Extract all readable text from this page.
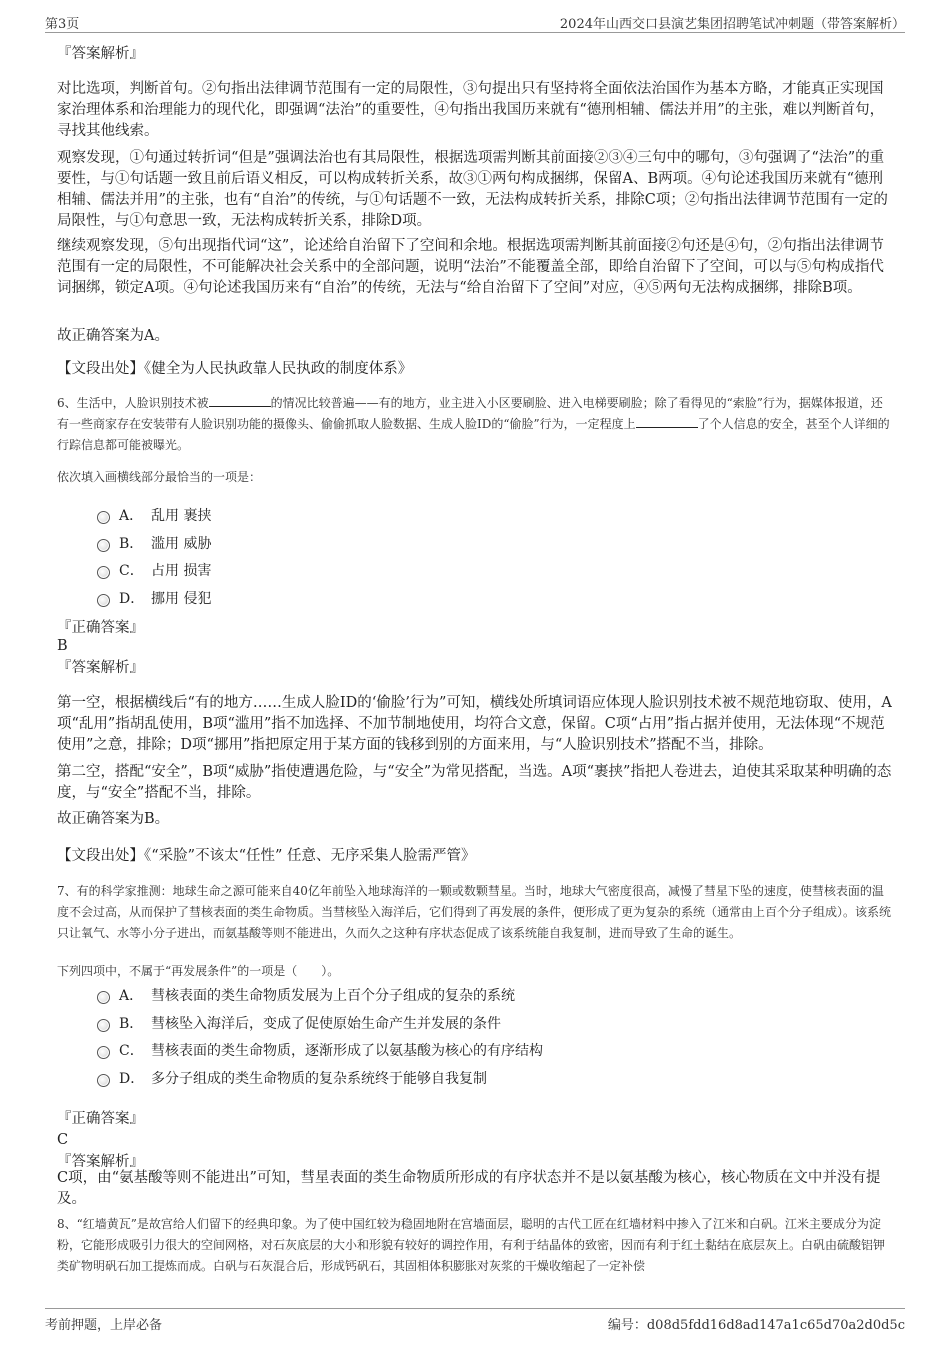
第3页	2024年山西交口县演艺集团招聘笔试冲刺题（带答案解析）
『答案解析』
对比选项，判断首句。②句指出法律调节范围有一定的局限性，③句提出只有坚持将全面依法治国作为基本方略，才能真正实现国家治理体系和治理能力的现代化，即强调“法治”的重要性，④句指出我国历来就有“德刑相辅、儒法并用”的主张，难以判断首句，寻找其他线索。
观察发现，①句通过转折词“但是”强调法治也有其局限性，根据选项需判断其前面接②③④三句中的哪句，③句强调了“法治”的重要性，与①句话题一致且前后语义相反，可以构成转折关系，故③①两句构成捆绑，保留A、B两项。④句论述我国历来就有“德刑相辅、儒法并用”的主张，也有“自治”的传统，与①句话题不一致，无法构成转折关系，排除C项；②句指出法律调节范围有一定的局限性，与①句意思一致，无法构成转折关系，排除D项。
继续观察发现，⑤句出现指代词“这”，论述给自治留下了空间和余地。根据选项需判断其前面接②句还是④句，②句指出法律调节范围有一定的局限性，不可能解决社会关系中的全部问题，说明“法治”不能覆盖全部，即给自治留下了空间，可以与⑤句构成指代词捆绑，锁定A项。④句论述我国历来有“自治”的传统，无法与“给自治留下了空间”对应，④⑤两句无法构成捆绑，排除B项。
故正确答案为A。
【文段出处】《健全为人民执政靠人民执政的制度体系》
6、生活中，人脸识别技术被	的情况比较普遍——有的地方，业主进入小区要刷脸、进入电梯要刷脸；除了看得见的“索脸”行为，据媒体报道，还有一些商家存在安装带有人脸识别功能的摄像头、偷偷抓取人脸数据、生成人脸ID的“偷脸”行为，一定程度上	了个人信息的安全，甚至个人详细的行踪信息都可能被曝光。
依次填入画横线部分最恰当的一项是：
A． 乱用 裹挟
B． 滥用 威胁
C． 占用 损害
D． 挪用 侵犯
『正确答案』
B
『答案解析』
第一空，根据横线后“有的地方……生成人脸ID的‘偷脸’行为”可知，横线处所填词语应体现人脸识别技术被不规范地窃取、使用，A项“乱用”指胡乱使用，B项“滥用”指不加选择、不加节制地使用，均符合文意，保留。C项“占用”指占据并使用，无法体现“不规范使用”之意，排除；D项“挪用”指把原定用于某方面的钱移到别的方面来用，与“人脸识别技术”搭配不当，排除。
第二空，搭配“安全”，B项“威胁”指使遭遇危险，与“安全”为常见搭配，当选。A项“裹挟”指把人卷进去，迫使其采取某种明确的态度，与“安全”搭配不当，排除。
故正确答案为B。
【文段出处】《“采脸”不该太“任性” 任意、无序采集人脸需严管》
7、有的科学家推测：地球生命之源可能来自40亿年前坠入地球海洋的一颗或数颗彗星。当时，地球大气密度很高，减慢了彗星下坠的速度，使彗核表面的温度不会过高，从而保护了彗核表面的类生命物质。当彗核坠入海洋后，它们得到了再发展的条件，便形成了更为复杂的系统（通常由上百个分子组成）。该系统只让氧气、水等小分子进出，而氨基酸等则不能进出，久而久之这种有序状态促成了该系统能自我复制，进而导致了生命的诞生。
下列四项中，不属于“再发展条件”的一项是（　　）。
A． 彗核表面的类生命物质发展为上百个分子组成的复杂的系统
B． 彗核坠入海洋后，变成了促使原始生命产生并发展的条件
C． 彗核表面的类生命物质，逐渐形成了以氨基酸为核心的有序结构
D． 多分子组成的类生命物质的复杂系统终于能够自我复制
『正确答案』
C
『答案解析』
C项，由“氨基酸等则不能进出”可知，彗星表面的类生命物质所形成的有序状态并不是以氨基酸为核心，核心物质在文中并没有提及。
8、“红墙黄瓦”是故宫给人们留下的经典印象。为了使中国红较为稳固地附在宫墙面层，聪明的古代工匠在红墙材料中掺入了江米和白矾。江米主要成分为淀粉，它能形成吸引力很大的空间网格，对石灰底层的大小和形貌有较好的调控作用，有利于结晶体的致密，因而有利于红土黏结在底层灰上。白矾由硫酸铝钾类矿物明矾石加工提炼而成。白矾与石灰混合后，形成钙矾石，其固相体积膨胀对灰浆的干燥收缩起了一定补偿
考前押题，上岸必备	编号：d08d5fdd16d8ad147a1c65d70a2d0d5c
